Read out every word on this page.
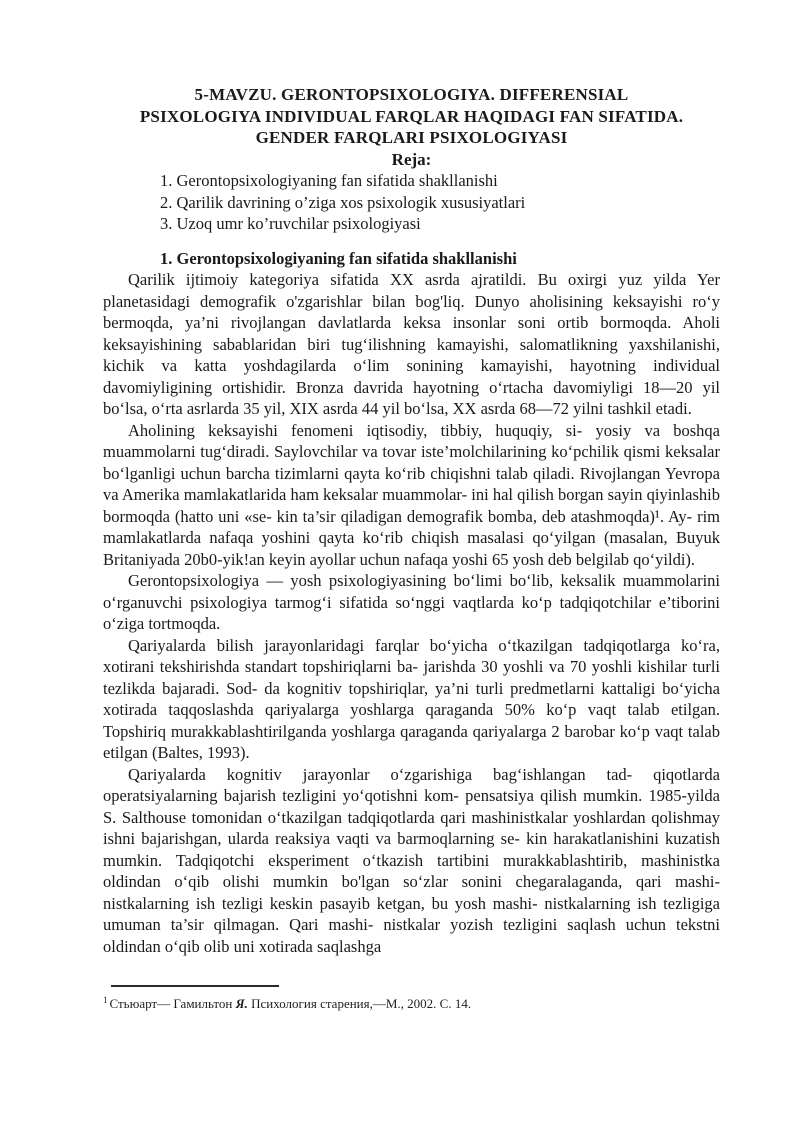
5-MAVZU. GERONTOPSIXOLOGIYA. DIFFERENSIAL
PSIXOLOGIYA INDIVIDUAL FARQLAR HAQIDAGI FAN SIFATIDA.
GENDER FARQLARI PSIXOLOGIYASI
Reja:
1. Gerontopsixologiyaning fan sifatida shakllanishi
2. Qarilik davrining o’ziga xos psixologik xususiyatlari
3. Uzoq umr ko’ruvchilar psixologiyasi
1. Gerontopsixologiyaning fan sifatida shakllanishi

Qarilik ijtimoiy kategoriya sifatida XX asrda ajratildi. Bu oxirgi yuz yilda Yer planetasidagi demografik o'zgarishlar bilan bog'liq. Dunyo aholisining keksayishi roʻy bermoqda, ya’ni rivojlangan davlatlarda keksa insonlar soni ortib bormoqda. Aholi keksayishining sabablaridan biri tugʻilishning kamayishi, salomatlikning yaxshilanishi, kichik va katta yoshdagilarda oʻlim sonining kamayishi, hayotning individual davomiyligining ortishidir. Bronza davrida hayotning oʻrtacha davomiyligi 18—20 yil boʻlsa, oʻrta asrlarda 35 yil, XIX asrda 44 yil boʻlsa, XX asrda 68—72 yilni tashkil etadi.

Aholining keksayishi fenomeni iqtisodiy, tibbiy, huquqiy, si- yosiy va boshqa muammolarni tugʻdiradi. Saylovchilar va tovar iste’molchilarining koʻpchilik qismi keksalar boʻlganligi uchun barcha tizimlarni qayta koʻrib chiqishni talab qiladi. Rivojlangan Yevropa va Amerika mamlakatlarida ham keksalar muammolar- ini hal qilish borgan sayin qiyinlashib bormoqda (hatto uni «se- kin ta’sir qiladigan demografik bomba, deb atashmoqda)¹. Ay- rim mamlakatlarda nafaqa yoshini qayta koʻrib chiqish masalasi qoʻyilgan (masalan, Buyuk Britaniyada 20b0-yik!an keyin ayollar uchun nafaqa yoshi 65 yosh deb belgilab qoʻyildi).

Gerontopsixologiya — yosh psixologiyasining boʻlimi boʻlib, keksalik muammolarini oʻrganuvchi psixologiya tarmogʻi sifatida soʻnggi vaqtlarda koʻp tadqiqotchilar e’tiborini oʻziga tortmoqda.

Qariyalarda bilish jarayonlaridagi farqlar boʻyicha oʻtkazilgan tadqiqotlarga koʻra, xotirani tekshirishda standart topshiriqlarni ba- jarishda 30 yoshli va 70 yoshli kishilar turli tezlikda bajaradi. Sod- da kognitiv topshiriqlar, ya’ni turli predmetlarni kattaligi boʻyicha xotirada taqqoslashda qariyalarga yoshlarga qaraganda 50% koʻp vaqt talab etilgan. Topshiriq murakkablashtirilganda yoshlarga qaraganda qariyalarga 2 barobar koʻp vaqt talab etilgan (Baltes, 1993).

Qariyalarda kognitiv jarayonlar oʻzgarishiga bagʻishlangan tad- qiqotlarda operatsiyalarning bajarish tezligini yoʻqotishni kom- pensatsiya qilish mumkin. 1985-yilda S. Salthouse tomonidan oʻtkazilgan tadqiqotlarda qari mashinistkalar yoshlardan qolishmay ishni bajarishgan, ularda reaksiya vaqti va barmoqlarning se- kin harakatlanishini kuzatish mumkin. Tadqiqotchi eksperiment oʻtkazish tartibini murakkablashtirib, mashinistka oldindan oʻqib olishi mumkin bo'lgan soʻzlar sonini chegaralaganda, qari mashi- nistkalarning ish tezligi keskin pasayib ketgan, bu yosh mashi- nistkalarning ish tezligiga umuman ta’sir qilmagan. Qari mashi- nistkalar yozish tezligini saqlash uchun tekstni oldindan oʻqib olib uni xotirada saqlashga

$^1$ Стьюарт— Гамильтон Я. Психология старения,—М., 2002. С. 14.
